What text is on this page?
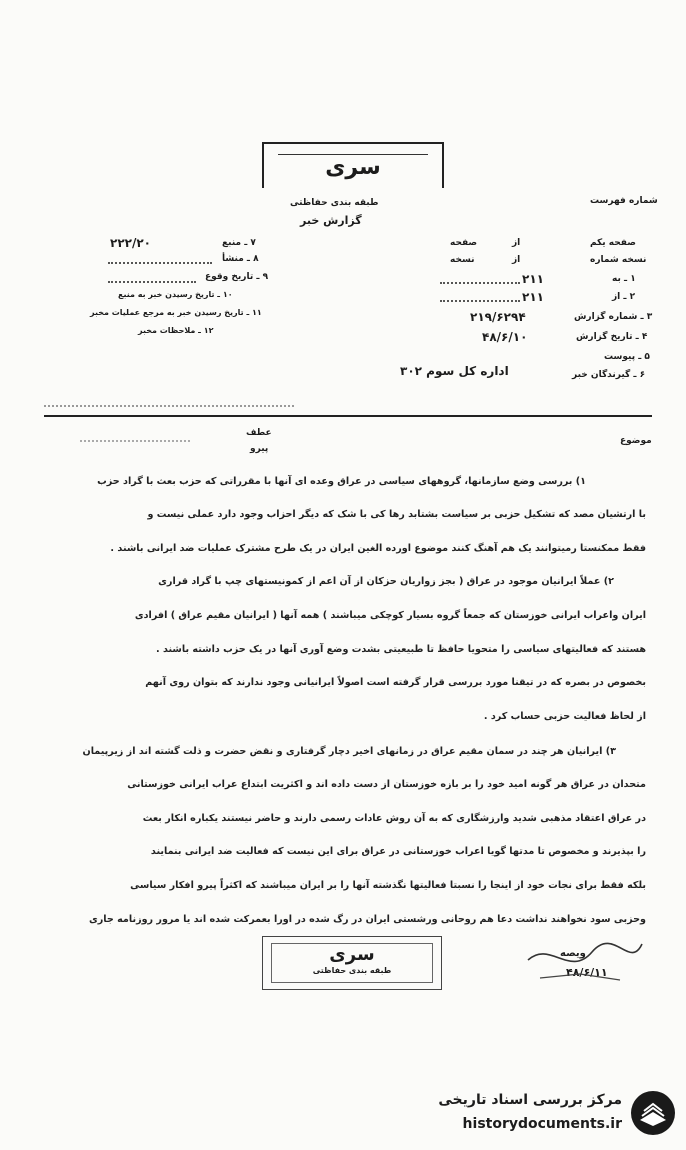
سری
طبقه بندی حفاظتی
گزارش خبر
شماره فهرست
۷ ـ منبع
۲۲۲/۲۰
۸ ـ منشأ
۹ ـ تاریخ وقوع
۱۰ ـ تاریخ رسیدن خبر به منبع
۱۱ ـ تاریخ رسیدن خبر به مرجع عملیات مخبر
۱۲ ـ ملاحظات مخبر
صفحه یکم
از
صفحه
نسخه شماره
از
نسخه
۱ ـ به
۲۱۱
۲ ـ از
۲۱۱
۳ ـ شماره گزارش
۲۱۹/۶۲۹۴
۴ ـ تاریخ گزارش
۴۸/۶/۱۰
۵ ـ پیوست
۶ ـ گیرندگان خبر
اداره کل سوم ۳۰۲
موضوع
عطف
پیرو
۱) بررسی وضع سازمانها، گروههای سیاسی در عراق وعده ای آنها با مقرراتی که حزب بعث با گراد حزب
با ارتشیان مصد که تشکیل حزبی بر سیاست بشتابد رها کی با شک که دیگر احزاب وجود دارد عملی نیست و
فقط ممکنستا رمیتوانند یک هم آهنگ کنند موضوع اورده الغین ایران در یک طرح مشترک عملیات ضد ایرانی باشند .
۲) عملاً ایرانیان موجود در عراق ( بجز زواریان حزکان از آن اعم از کمونیستهای چپ با گراد قراری
ایران واعراب ایرانی خوزستان که جمعاً گروه بسیار کوچکی میباشند ) همه آنها ( ایرانیان مقیم عراق ) افرادی
هستند که فعالیتهای سیاسی را متحویا حافظ تا طبیعیتی بشدت وضع آوری آنها در یک حزب داشته باشند .
بخصوص در بصره که در تیقنا مورد بررسی قرار گرفته است اصولاً ایرانیانی وجود ندارند که بتوان روی آنهم
از لحاظ فعالیت حزبی حساب کرد .
۳) ایرانیان هر چند در سمان مقیم عراق در زمانهای اخیر دچار گرفتاری و نقض حضرت و ذلت گشته اند از زیرپیمان
متحدان در عراق هر گونه امید خود را بر بازه خوزستان از دست داده اند و اکثریت ابتداع عراب ایرانی خوزستانی
در عراق اعتقاد مذهبی شدید وارزشگاری که به آن روش عادات رسمی دارند و حاضر نیستند یکباره انکار بعث
را بپذیرند و مخصوص تا مدتها گویا اعراب خوزستانی در عراق برای این نیست که فعالیت ضد ایرانی بنمایند
بلکه فقط برای نجات خود از اینجا را نسبتا فعالیتها نگذشته آنها را بر ایران میباشند که اکثراً پیرو افکار سیاسی
وحزبی سود نخواهند نداشت دعا هم روحانی ورشستی ایران در رگ شده در اورا بعمرکت شده اند یا مرور روزنامه جاری
سری
طبقه بندی حفاظتی
ویصه
۴۸/۶/۱۱
مرکز بررسی اسناد تاریخی
historydocuments.ir
